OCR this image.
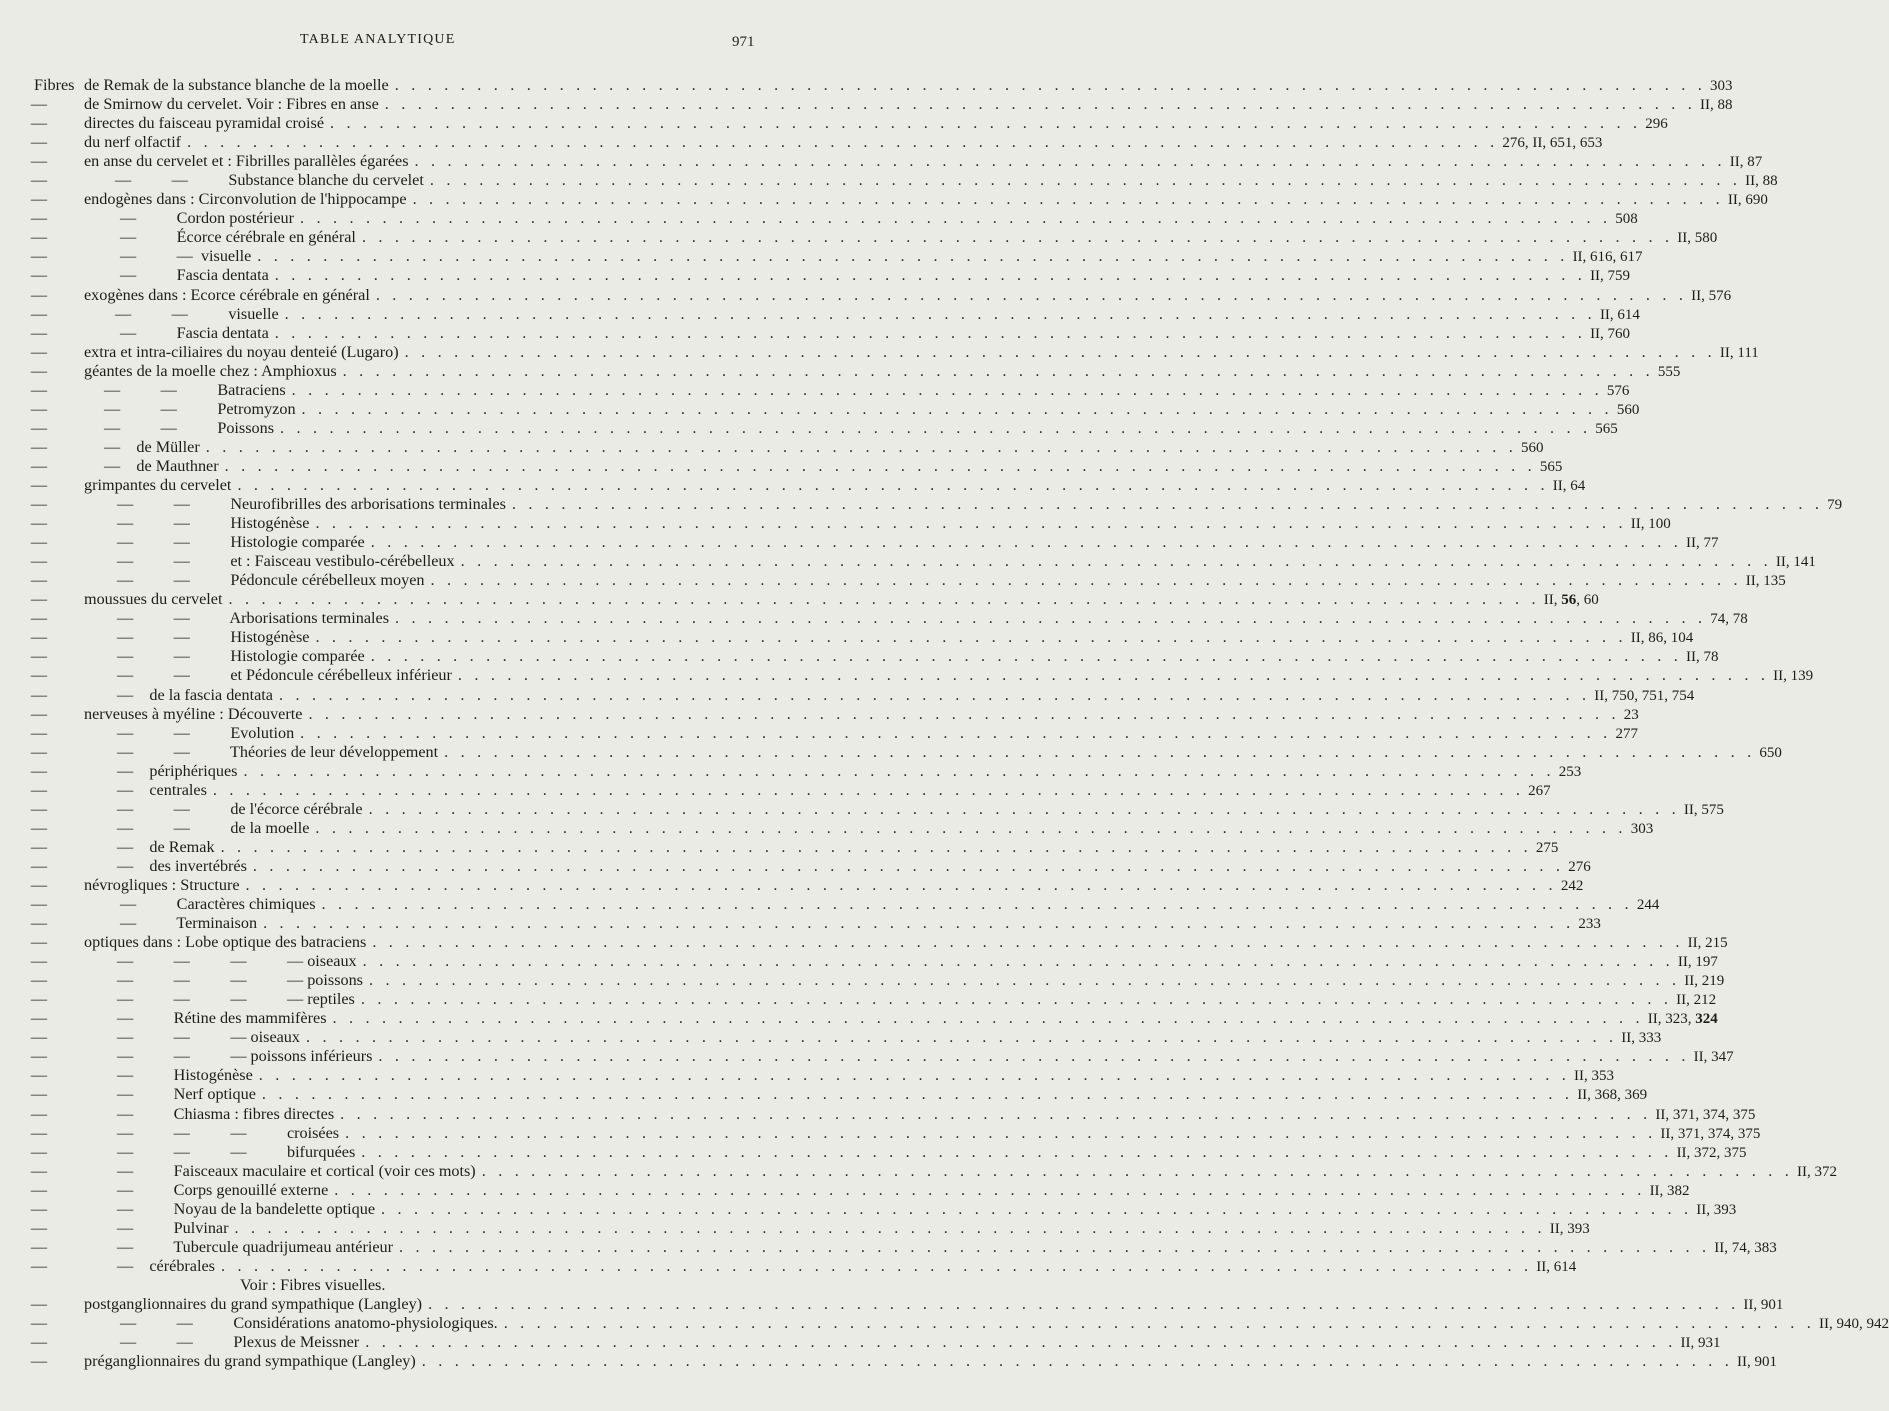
TABLE ANALYTIQUE	971
Fibres de Remak de la substance blanche de la moelle . . . . . . . . . . . . . . . . . . . . . . . . . . . . . . . . . . . . . . . . . . . . . . . . . . . . . . . . . . . . . . . . . . . . . . . . . . . . . . . . 303
—	de Smirnow du cervelet. Voir : Fibres en anse . . . . . . . . . . . . . . . . . . . . . . . . . . . . . . . . . . . . . . . . . . . . . . . . . . . . . . . . . . . . . . . . . . . . . . . . . . . . . . . . II, 88
—	directes du faisceau pyramidal croisé . . . . . . . . . . . . . . . . . . . . . . . . . . . . . . . . . . . . . . . . . . . . . . . . . . . . . . . . . . . . . . . . . . . . . . . . . . . . . . . . 296
—	du nerf olfactif . . . . . . . . . . . . . . . . . . . . . . . . . . . . . . . . . . . . . . . . . . . . . . . . . . . . . . . . . . . . . . . . . . . . . . . . . . . . . . . . 276, II, 651, 653
—	en anse du cervelet et : Fibrilles parallèles égarées . . . . . . . . . . . . . . . . . . . . . . . . . . . . . . . . . . . . . . . . . . . . . . . . . . . . . . . . . . . . . . . . . . . . . . . . . . . . . . . . II, 87
—	—          —          Substance blanche du cervelet . . . . . . . . . . . . . . . . . . . . . . . . . . . . . . . . . . . . . . . . . . . . . . . . . . . . . . . . . . . . . . . . . . . . . . . . . . . . . . . . II, 88
—	endogènes dans : Circonvolution de l'hippocampe . . . . . . . . . . . . . . . . . . . . . . . . . . . . . . . . . . . . . . . . . . . . . . . . . . . . . . . . . . . . . . . . . . . . . . . . . . . . . . . . II, 690
—	—          Cordon postérieur . . . . . . . . . . . . . . . . . . . . . . . . . . . . . . . . . . . . . . . . . . . . . . . . . . . . . . . . . . . . . . . . . . . . . . . . . . . . . . . . 508
—	—          Écorce cérébrale en général . . . . . . . . . . . . . . . . . . . . . . . . . . . . . . . . . . . . . . . . . . . . . . . . . . . . . . . . . . . . . . . . . . . . . . . . . . . . . . . . II, 580
—	—          —  visuelle . . . . . . . . . . . . . . . . . . . . . . . . . . . . . . . . . . . . . . . . . . . . . . . . . . . . . . . . . . . . . . . . . . . . . . . . . . . . . . . . II, 616, 617
—	—          Fascia dentata . . . . . . . . . . . . . . . . . . . . . . . . . . . . . . . . . . . . . . . . . . . . . . . . . . . . . . . . . . . . . . . . . . . . . . . . . . . . . . . . II, 759
—	exogènes dans : Ecorce cérébrale en général . . . . . . . . . . . . . . . . . . . . . . . . . . . . . . . . . . . . . . . . . . . . . . . . . . . . . . . . . . . . . . . . . . . . . . . . . . . . . . . . II, 576
—	—          —          visuelle . . . . . . . . . . . . . . . . . . . . . . . . . . . . . . . . . . . . . . . . . . . . . . . . . . . . . . . . . . . . . . . . . . . . . . . . . . . . . . . . II, 614
—	—          Fascia dentata . . . . . . . . . . . . . . . . . . . . . . . . . . . . . . . . . . . . . . . . . . . . . . . . . . . . . . . . . . . . . . . . . . . . . . . . . . . . . . . . II, 760
—	extra et intra-ciliaires du noyau denteié (Lugaro) . . . . . . . . . . . . . . . . . . . . . . . . . . . . . . . . . . . . . . . . . . . . . . . . . . . . . . . . . . . . . . . . . . . . . . . . . . . . . . . . II, 111
—	géantes de la moelle chez : Amphioxus . . . . . . . . . . . . . . . . . . . . . . . . . . . . . . . . . . . . . . . . . . . . . . . . . . . . . . . . . . . . . . . . . . . . . . . . . . . . . . . . 555
—	—          —          Batraciens . . . . . . . . . . . . . . . . . . . . . . . . . . . . . . . . . . . . . . . . . . . . . . . . . . . . . . . . . . . . . . . . . . . . . . . . . . . . . . . . 576
—	—          —          Petromyzon . . . . . . . . . . . . . . . . . . . . . . . . . . . . . . . . . . . . . . . . . . . . . . . . . . . . . . . . . . . . . . . . . . . . . . . . . . . . . . . . 560
—	—          —          Poissons . . . . . . . . . . . . . . . . . . . . . . . . . . . . . . . . . . . . . . . . . . . . . . . . . . . . . . . . . . . . . . . . . . . . . . . . . . . . . . . . 565
—	—    de Müller . . . . . . . . . . . . . . . . . . . . . . . . . . . . . . . . . . . . . . . . . . . . . . . . . . . . . . . . . . . . . . . . . . . . . . . . . . . . . . . . 560
—	—    de Mauthner . . . . . . . . . . . . . . . . . . . . . . . . . . . . . . . . . . . . . . . . . . . . . . . . . . . . . . . . . . . . . . . . . . . . . . . . . . . . . . . . 565
—	grimpantes du cervelet . . . . . . . . . . . . . . . . . . . . . . . . . . . . . . . . . . . . . . . . . . . . . . . . . . . . . . . . . . . . . . . . . . . . . . . . . . . . . . . . II, 64
—	—          —          Neurofibrilles des arborisations terminales . . . . . . . . . . . . . . . . . . . . . . . . . . . . . . . . . . . . . . . . . . . . . . . . . . . . . . . . . . . . . . . . . . . . . . . . . . . . . . . . 79
—	—          —          Histogénèse . . . . . . . . . . . . . . . . . . . . . . . . . . . . . . . . . . . . . . . . . . . . . . . . . . . . . . . . . . . . . . . . . . . . . . . . . . . . . . . . II, 100
—	—          —          Histologie comparée . . . . . . . . . . . . . . . . . . . . . . . . . . . . . . . . . . . . . . . . . . . . . . . . . . . . . . . . . . . . . . . . . . . . . . . . . . . . . . . . II, 77
—	—          —          et : Faisceau vestibulo-cérébelleux . . . . . . . . . . . . . . . . . . . . . . . . . . . . . . . . . . . . . . . . . . . . . . . . . . . . . . . . . . . . . . . . . . . . . . . . . . . . . . . . II, 141
—	—          —          Pédoncule cérébelleux moyen . . . . . . . . . . . . . . . . . . . . . . . . . . . . . . . . . . . . . . . . . . . . . . . . . . . . . . . . . . . . . . . . . . . . . . . . . . . . . . . . II, 135
—	moussues du cervelet . . . . . . . . . . . . . . . . . . . . . . . . . . . . . . . . . . . . . . . . . . . . . . . . . . . . . . . . . . . . . . . . . . . . . . . . . . . . . . . . II, 56, 60
—	—          —          Arborisations terminales . . . . . . . . . . . . . . . . . . . . . . . . . . . . . . . . . . . . . . . . . . . . . . . . . . . . . . . . . . . . . . . . . . . . . . . . . . . . . . . . 74, 78
—	—          —          Histogénèse . . . . . . . . . . . . . . . . . . . . . . . . . . . . . . . . . . . . . . . . . . . . . . . . . . . . . . . . . . . . . . . . . . . . . . . . . . . . . . . . II, 86, 104
—	—          —          Histologie comparée . . . . . . . . . . . . . . . . . . . . . . . . . . . . . . . . . . . . . . . . . . . . . . . . . . . . . . . . . . . . . . . . . . . . . . . . . . . . . . . . II, 78
—	—          —          et Pédoncule cérébelleux inférieur . . . . . . . . . . . . . . . . . . . . . . . . . . . . . . . . . . . . . . . . . . . . . . . . . . . . . . . . . . . . . . . . . . . . . . . . . . . . . . . . II, 139
—	—    de la fascia dentata . . . . . . . . . . . . . . . . . . . . . . . . . . . . . . . . . . . . . . . . . . . . . . . . . . . . . . . . . . . . . . . . . . . . . . . . . . . . . . . . II, 750, 751, 754
—	nerveuses à myéline : Découverte . . . . . . . . . . . . . . . . . . . . . . . . . . . . . . . . . . . . . . . . . . . . . . . . . . . . . . . . . . . . . . . . . . . . . . . . . . . . . . . . 23
—	—          —          Evolution . . . . . . . . . . . . . . . . . . . . . . . . . . . . . . . . . . . . . . . . . . . . . . . . . . . . . . . . . . . . . . . . . . . . . . . . . . . . . . . . 277
—	—          —          Théories de leur développement . . . . . . . . . . . . . . . . . . . . . . . . . . . . . . . . . . . . . . . . . . . . . . . . . . . . . . . . . . . . . . . . . . . . . . . . . . . . . . . . 650
—	—    périphériques . . . . . . . . . . . . . . . . . . . . . . . . . . . . . . . . . . . . . . . . . . . . . . . . . . . . . . . . . . . . . . . . . . . . . . . . . . . . . . . . 253
—	—    centrales . . . . . . . . . . . . . . . . . . . . . . . . . . . . . . . . . . . . . . . . . . . . . . . . . . . . . . . . . . . . . . . . . . . . . . . . . . . . . . . . 267
—	—          —          de l'écorce cérébrale . . . . . . . . . . . . . . . . . . . . . . . . . . . . . . . . . . . . . . . . . . . . . . . . . . . . . . . . . . . . . . . . . . . . . . . . . . . . . . . . II, 575
—	—          —          de la moelle . . . . . . . . . . . . . . . . . . . . . . . . . . . . . . . . . . . . . . . . . . . . . . . . . . . . . . . . . . . . . . . . . . . . . . . . . . . . . . . . 303
—	—    de Remak . . . . . . . . . . . . . . . . . . . . . . . . . . . . . . . . . . . . . . . . . . . . . . . . . . . . . . . . . . . . . . . . . . . . . . . . . . . . . . . . 275
—	—    des invertébrés . . . . . . . . . . . . . . . . . . . . . . . . . . . . . . . . . . . . . . . . . . . . . . . . . . . . . . . . . . . . . . . . . . . . . . . . . . . . . . . . 276
—	névrogliques : Structure . . . . . . . . . . . . . . . . . . . . . . . . . . . . . . . . . . . . . . . . . . . . . . . . . . . . . . . . . . . . . . . . . . . . . . . . . . . . . . . . 242
—	—          Caractères chimiques . . . . . . . . . . . . . . . . . . . . . . . . . . . . . . . . . . . . . . . . . . . . . . . . . . . . . . . . . . . . . . . . . . . . . . . . . . . . . . . . 244
—	—          Terminaison . . . . . . . . . . . . . . . . . . . . . . . . . . . . . . . . . . . . . . . . . . . . . . . . . . . . . . . . . . . . . . . . . . . . . . . . . . . . . . . . 233
—	optiques dans : Lobe optique des batraciens . . . . . . . . . . . . . . . . . . . . . . . . . . . . . . . . . . . . . . . . . . . . . . . . . . . . . . . . . . . . . . . . . . . . . . . . . . . . . . . . II, 215
—	—          —          —          — oiseaux . . . . . . . . . . . . . . . . . . . . . . . . . . . . . . . . . . . . . . . . . . . . . . . . . . . . . . . . . . . . . . . . . . . . . . . . . . . . . . . . II, 197
—	—          —          —          — poissons . . . . . . . . . . . . . . . . . . . . . . . . . . . . . . . . . . . . . . . . . . . . . . . . . . . . . . . . . . . . . . . . . . . . . . . . . . . . . . . . II, 219
—	—          —          —          — reptiles . . . . . . . . . . . . . . . . . . . . . . . . . . . . . . . . . . . . . . . . . . . . . . . . . . . . . . . . . . . . . . . . . . . . . . . . . . . . . . . . II, 212
—	—          Rétine des mammifères . . . . . . . . . . . . . . . . . . . . . . . . . . . . . . . . . . . . . . . . . . . . . . . . . . . . . . . . . . . . . . . . . . . . . . . . . . . . . . . . II, 323, 324
—	—          —          — oiseaux . . . . . . . . . . . . . . . . . . . . . . . . . . . . . . . . . . . . . . . . . . . . . . . . . . . . . . . . . . . . . . . . . . . . . . . . . . . . . . . . II, 333
—	—          —          — poissons inférieurs . . . . . . . . . . . . . . . . . . . . . . . . . . . . . . . . . . . . . . . . . . . . . . . . . . . . . . . . . . . . . . . . . . . . . . . . . . . . . . . . II, 347
—	—          Histogénèse . . . . . . . . . . . . . . . . . . . . . . . . . . . . . . . . . . . . . . . . . . . . . . . . . . . . . . . . . . . . . . . . . . . . . . . . . . . . . . . . II, 353
—	—          Nerf optique . . . . . . . . . . . . . . . . . . . . . . . . . . . . . . . . . . . . . . . . . . . . . . . . . . . . . . . . . . . . . . . . . . . . . . . . . . . . . . . . II, 368, 369
—	—          Chiasma : fibres directes . . . . . . . . . . . . . . . . . . . . . . . . . . . . . . . . . . . . . . . . . . . . . . . . . . . . . . . . . . . . . . . . . . . . . . . . . . . . . . . . II, 371, 374, 375
—	—          —          —          croisées . . . . . . . . . . . . . . . . . . . . . . . . . . . . . . . . . . . . . . . . . . . . . . . . . . . . . . . . . . . . . . . . . . . . . . . . . . . . . . . . II, 371, 374, 375
—	—          —          —          bifurquées . . . . . . . . . . . . . . . . . . . . . . . . . . . . . . . . . . . . . . . . . . . . . . . . . . . . . . . . . . . . . . . . . . . . . . . . . . . . . . . . II, 372, 375
—	—          Faisceaux maculaire et cortical (voir ces mots) . . . . . . . . . . . . . . . . . . . . . . . . . . . . . . . . . . . . . . . . . . . . . . . . . . . . . . . . . . . . . . . . . . . . . . . . . . . . . . . . II, 372
—	—          Corps genouillé externe . . . . . . . . . . . . . . . . . . . . . . . . . . . . . . . . . . . . . . . . . . . . . . . . . . . . . . . . . . . . . . . . . . . . . . . . . . . . . . . . II, 382
—	—          Noyau de la bandelette optique . . . . . . . . . . . . . . . . . . . . . . . . . . . . . . . . . . . . . . . . . . . . . . . . . . . . . . . . . . . . . . . . . . . . . . . . . . . . . . . . II, 393
—	—          Pulvinar . . . . . . . . . . . . . . . . . . . . . . . . . . . . . . . . . . . . . . . . . . . . . . . . . . . . . . . . . . . . . . . . . . . . . . . . . . . . . . . . II, 393
—	—          Tubercule quadrijumeau antérieur . . . . . . . . . . . . . . . . . . . . . . . . . . . . . . . . . . . . . . . . . . . . . . . . . . . . . . . . . . . . . . . . . . . . . . . . . . . . . . . . II, 74, 383
—	—    cérébrales . . . . . . . . . . . . . . . . . . . . . . . . . . . . . . . . . . . . . . . . . . . . . . . . . . . . . . . . . . . . . . . . . . . . . . . . . . . . . . . . II, 614
Voir : Fibres visuelles.
—	postganglionnaires du grand sympathique (Langley) . . . . . . . . . . . . . . . . . . . . . . . . . . . . . . . . . . . . . . . . . . . . . . . . . . . . . . . . . . . . . . . . . . . . . . . . . . . . . . . . II, 901
—	—          —          Considérations anatomo-physiologiques. . . . . . . . . . . . . . . . . . . . . . . . . . . . . . . . . . . . . . . . . . . . . . . . . . . . . . . . . . . . . . . . . . . . . . . . . . . . . . . . . II, 940, 942
—	—          —          Plexus de Meissner . . . . . . . . . . . . . . . . . . . . . . . . . . . . . . . . . . . . . . . . . . . . . . . . . . . . . . . . . . . . . . . . . . . . . . . . . . . . . . . . II, 931
—	préganglionnaires du grand sympathique (Langley) . . . . . . . . . . . . . . . . . . . . . . . . . . . . . . . . . . . . . . . . . . . . . . . . . . . . . . . . . . . . . . . . . . . . . . . . . . . . . . . . II, 901
